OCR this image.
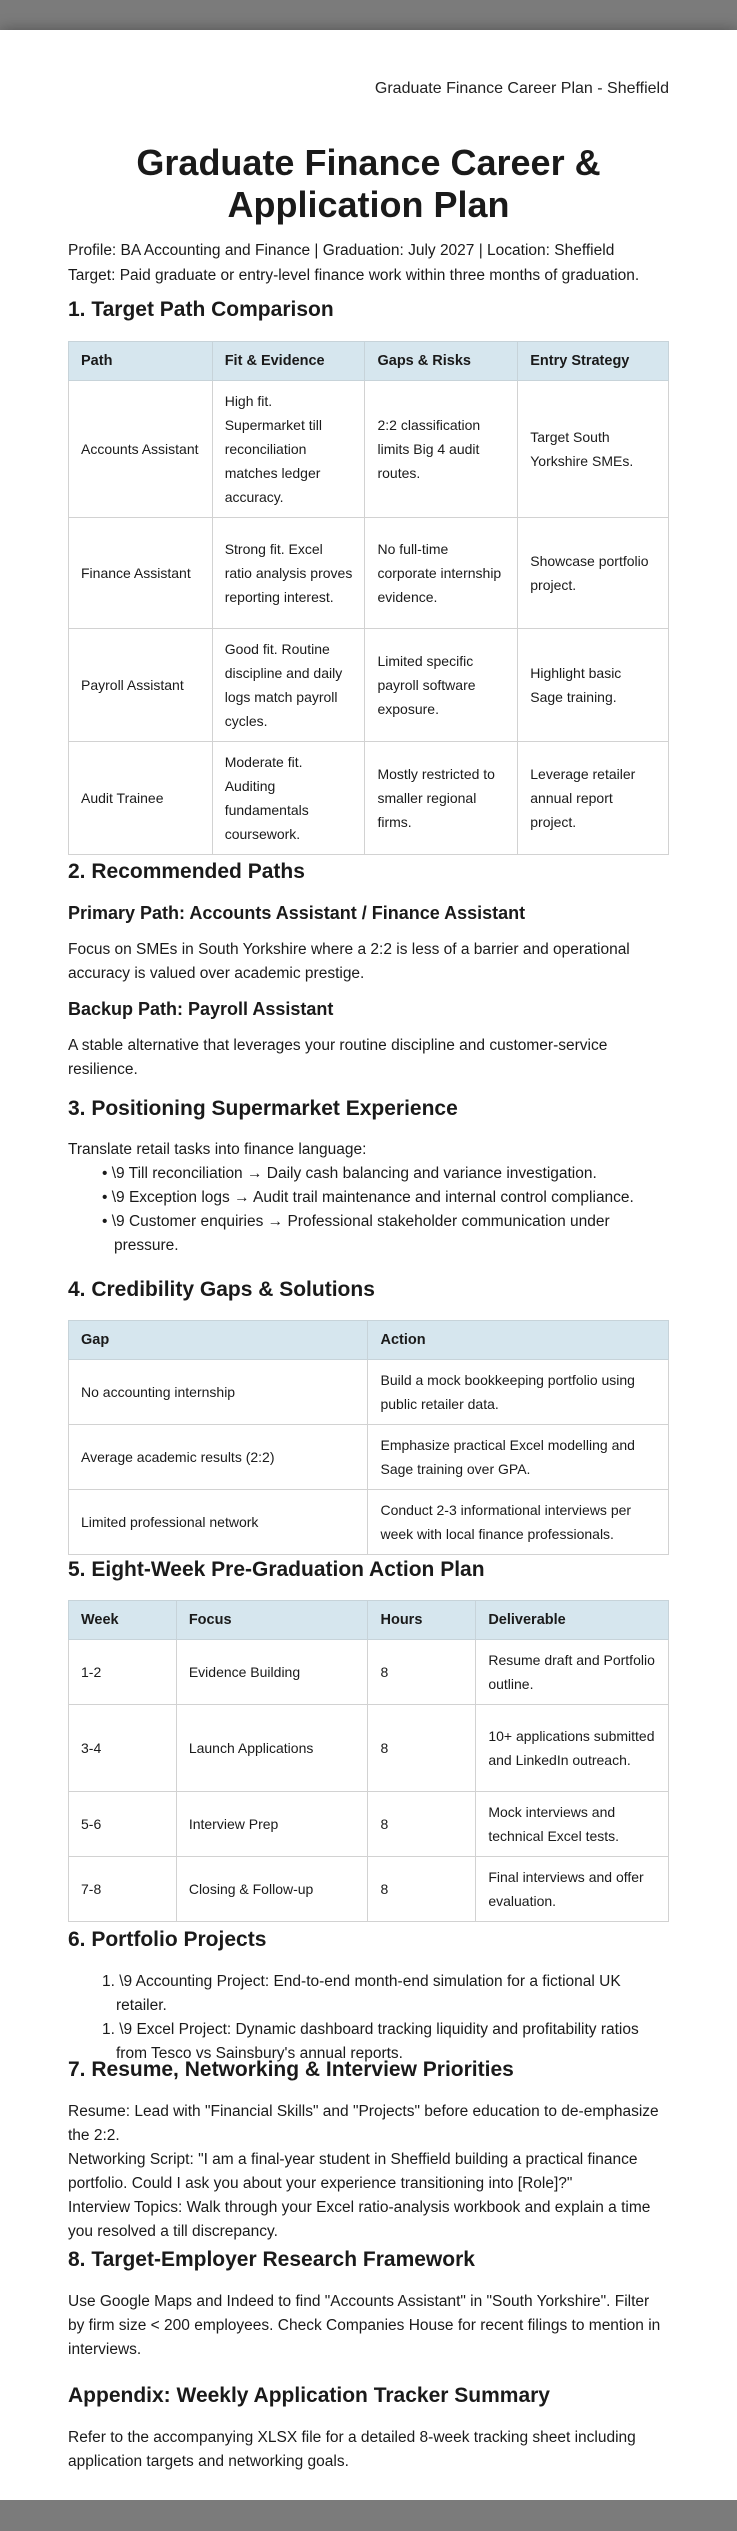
Graduate Finance Career Plan - Sheffield
Graduate Finance Career & Application Plan
Profile: BA Accounting and Finance | Graduation: July 2027 | Location: Sheffield
Target: Paid graduate or entry-level finance work within three months of graduation.
1. Target Path Comparison
Path	Fit & Evidence	Gaps & Risks	Entry Strategy
Accounts Assistant	High fit. Supermarket till reconciliation matches ledger accuracy.	2:2 classification limits Big 4 audit routes.	Target South Yorkshire SMEs.
Finance Assistant	Strong fit. Excel ratio analysis proves reporting interest.	No full-time corporate internship evidence.	Showcase portfolio project.
Payroll Assistant	Good fit. Routine discipline and daily logs match payroll cycles.	Limited specific payroll software exposure.	Highlight basic Sage training.
Audit Trainee	Moderate fit. Auditing fundamentals coursework.	Mostly restricted to smaller regional firms.	Leverage retailer annual report project.
2. Recommended Paths
Primary Path: Accounts Assistant / Finance Assistant

Focus on SMEs in South Yorkshire where a 2:2 is less of a barrier and operational accuracy is valued over academic prestige.

Backup Path: Payroll Assistant

A stable alternative that leverages your routine discipline and customer-service resilience.

3. Positioning Supermarket Experience

Translate retail tasks into finance language:

• \9 Till reconciliation → Daily cash balancing and variance investigation.
• \9 Exception logs → Audit trail maintenance and internal control compliance.
• \9 Customer enquiries → Professional stakeholder communication under pressure.
4. Credibility Gaps & Solutions
Gap	Action
No accounting internship	Build a mock bookkeeping portfolio using public retailer data.
Average academic results (2:2)	Emphasize practical Excel modelling and Sage training over GPA.
Limited professional network	Conduct 2-3 informational interviews per week with local finance professionals.
5. Eight-Week Pre-Graduation Action Plan
Week	Focus	Hours	Deliverable
1-2	Evidence Building	8	Resume draft and Portfolio outline.
3-4	Launch Applications	8	10+ applications submitted and LinkedIn outreach.
5-6	Interview Prep	8	Mock interviews and technical Excel tests.
7-8	Closing & Follow-up	8	Final interviews and offer evaluation.
6. Portfolio Projects
1. \9 Accounting Project: End-to-end month-end simulation for a fictional UK retailer.
1. \9 Excel Project: Dynamic dashboard tracking liquidity and profitability ratios from Tesco vs Sainsbury's annual reports.
7. Resume, Networking & Interview Priorities

Resume: Lead with "Financial Skills" and "Projects" before education to de-emphasize the 2:2.

Networking Script: "I am a final-year student in Sheffield building a practical finance portfolio. Could I ask you about your experience transitioning into [Role]?"

Interview Topics: Walk through your Excel ratio-analysis workbook and explain a time you resolved a till discrepancy.

8. Target-Employer Research Framework

Use Google Maps and Indeed to find "Accounts Assistant" in "South Yorkshire". Filter by firm size < 200 employees. Check Companies House for recent filings to mention in interviews.

Appendix: Weekly Application Tracker Summary

Refer to the accompanying XLSX file for a detailed 8-week tracking sheet including application targets and networking goals.
